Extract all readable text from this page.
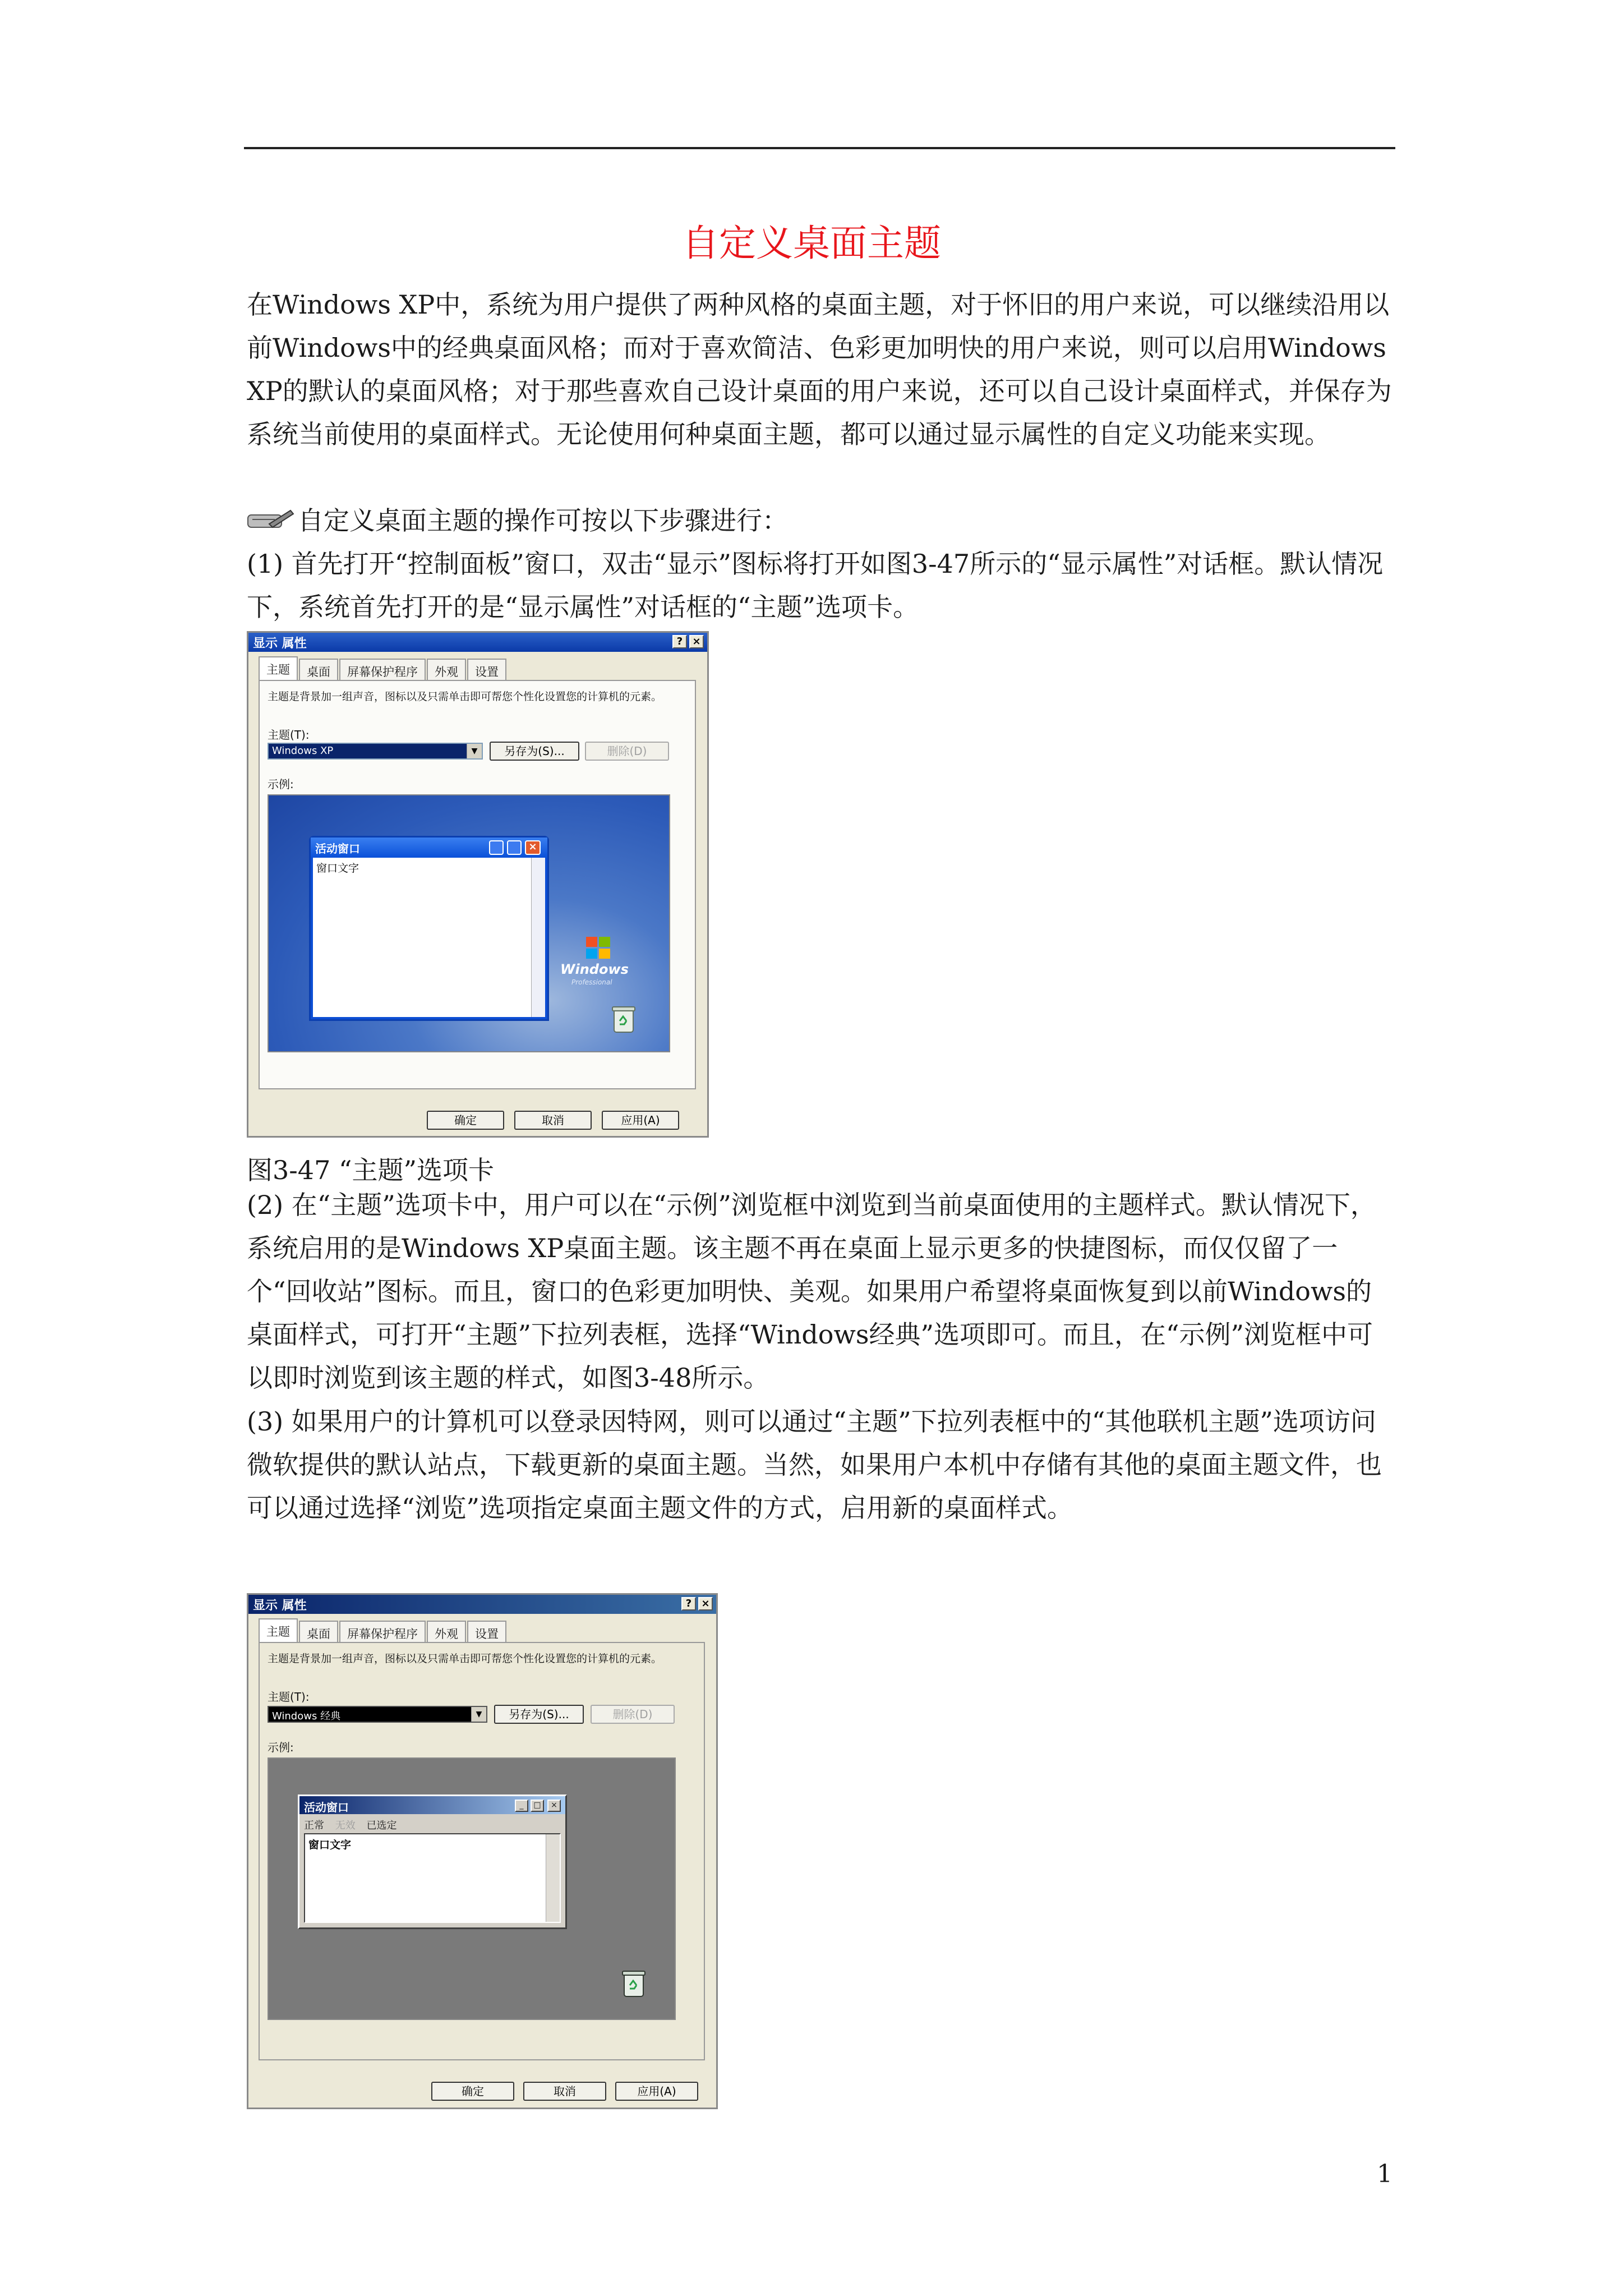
自定义桌面主题

在Windows XP中，系统为用户提供了两种风格的桌面主题，对于怀旧的用户来说，可以继续沿用以前Windows中的经典桌面风格；而对于喜欢简洁、色彩更加明快的用户来说，则可以启用Windows XP的默认的桌面风格；对于那些喜欢自己设计桌面的用户来说，还可以自己设计桌面样式，并保存为系统当前使用的桌面样式。无论使用何种桌面主题，都可以通过显示属性的自定义功能来实现。

自定义桌面主题的操作可按以下步骤进行：

(1) 首先打开“控制面板”窗口，双击“显示”图标将打开如图3-47所示的“显示属性”对话框。默认情况下，系统首先打开的是“显示属性”对话框的“主题”选项卡。

显示 属性	? ×
主题	桌面	屏幕保护程序	外观	设置
主题是背景加一组声音，图标以及只需单击即可帮您个性化设置您的计算机的元素。
主题(T):
Windows XP	▼	另存为(S)...	删除(D)
示例:
活动窗口	×
窗口文字
Windows
Professional
确定	取消	应用(A)
图3-47 “主题”选项卡

(2) 在“主题”选项卡中，用户可以在“示例”浏览框中浏览到当前桌面使用的主题样式。默认情况下，系统启用的是Windows XP桌面主题。该主题不再在桌面上显示更多的快捷图标，而仅仅留了一个“回收站”图标。而且，窗口的色彩更加明快、美观。如果用户希望将桌面恢复到以前Windows的桌面样式，可打开“主题”下拉列表框，选择“Windows经典”选项即可。而且，在“示例”浏览框中可以即时浏览到该主题的样式，如图3-48所示。

(3) 如果用户的计算机可以登录因特网，则可以通过“主题”下拉列表框中的“其他联机主题”选项访问微软提供的默认站点，下载更新的桌面主题。当然，如果用户本机中存储有其他的桌面主题文件，也可以通过选择“浏览”选项指定桌面主题文件的方式，启用新的桌面样式。

显示 属性	? ×
主题	桌面	屏幕保护程序	外观	设置
主题是背景加一组声音，图标以及只需单击即可帮您个性化设置您的计算机的元素。
主题(T):
Windows 经典	▼	另存为(S)...	删除(D)
示例:
活动窗口	_	□	×
正常 无效 已选定
窗口文字
确定	取消	应用(A)
1
